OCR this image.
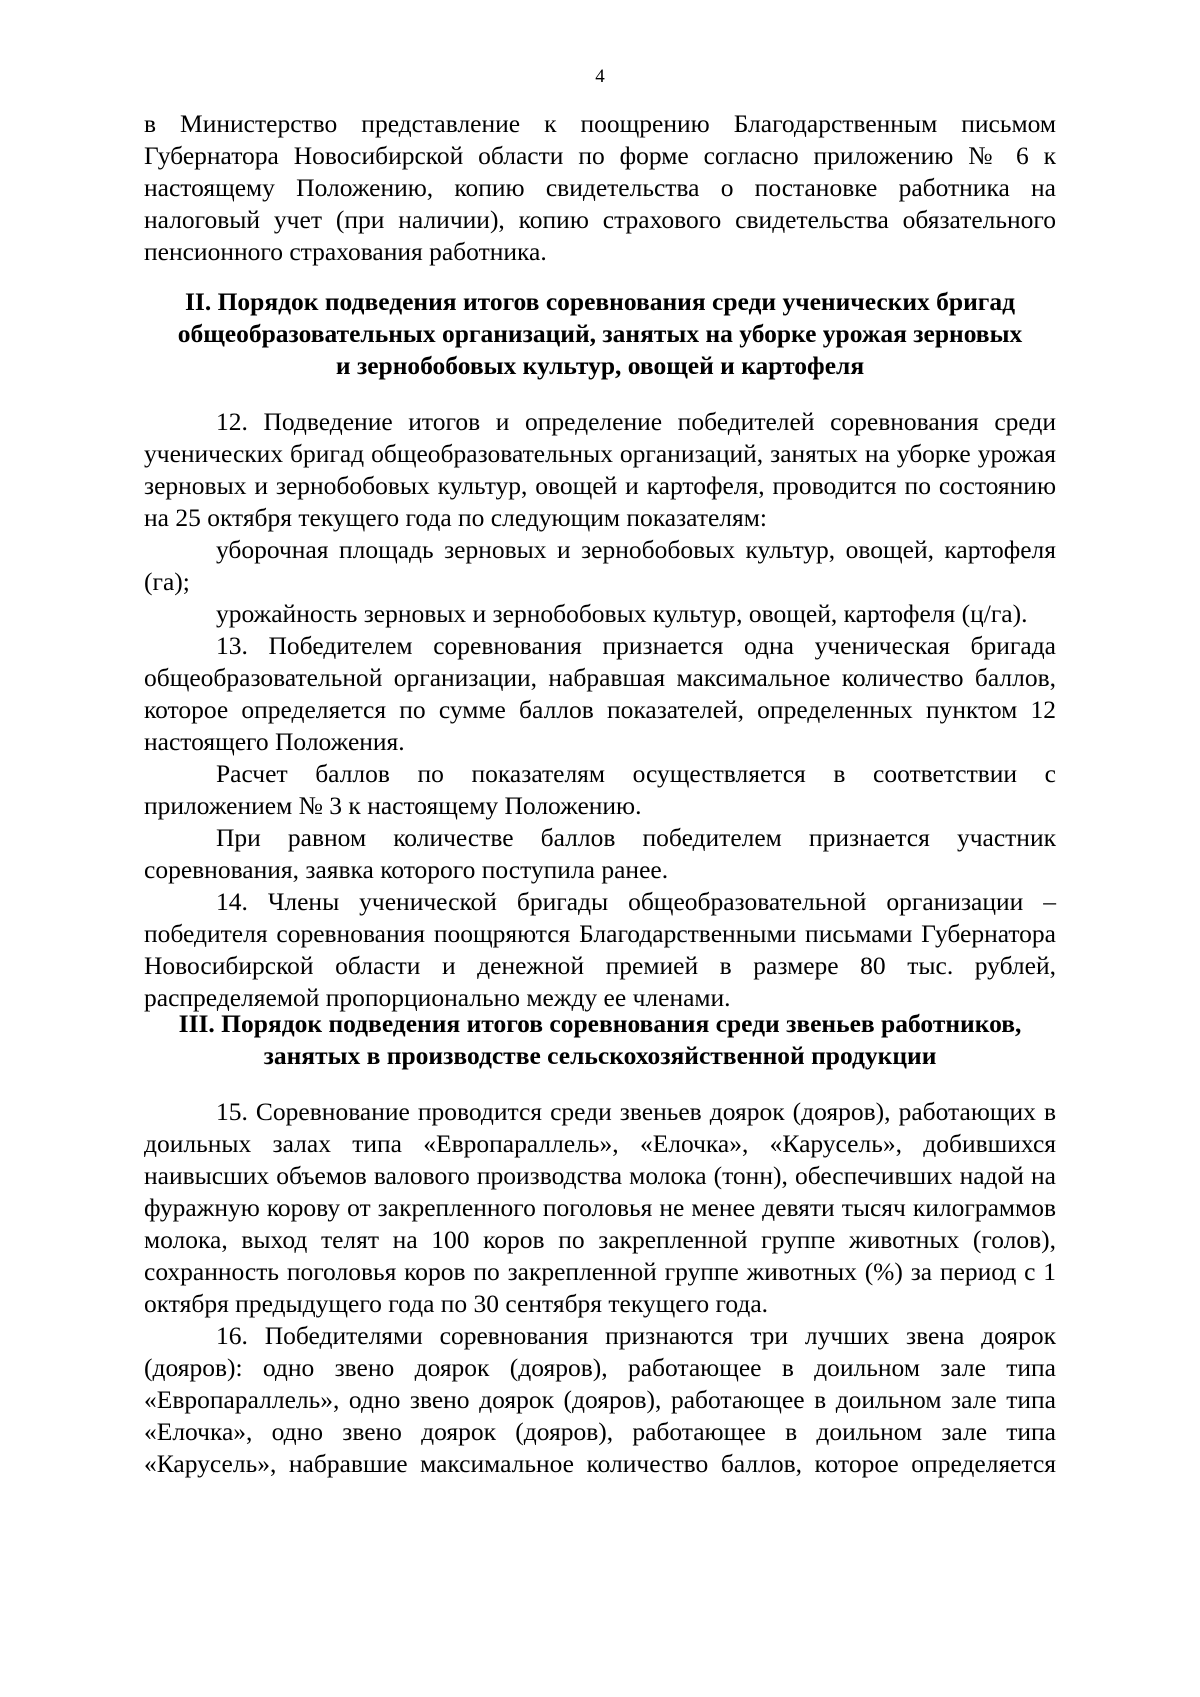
4

в Министерство представление к поощрению Благодарственным письмом Губернатора Новосибирской области по форме согласно приложению № 6 к настоящему Положению, копию свидетельства о постановке работника на налоговый учет (при наличии), копию страхового свидетельства обязательного пенсионного страхования работника.

II. Порядок подведения итогов соревнования среди ученических бригад
общеобразовательных организаций, занятых на уборке урожая зерновых
и зернобобовых культур, овощей и картофеля

12. Подведение итогов и определение победителей соревнования среди ученических бригад общеобразовательных организаций, занятых на уборке урожая зерновых и зернобобовых культур, овощей и картофеля, проводится по состоянию на 25 октября текущего года по следующим показателям:

уборочная площадь зерновых и зернобобовых культур, овощей, картофеля (га);

урожайность зерновых и зернобобовых культур, овощей, картофеля (ц/га).

13. Победителем соревнования признается одна ученическая бригада общеобразовательной организации, набравшая максимальное количество баллов, которое определяется по сумме баллов показателей, определенных пунктом 12 настоящего Положения.

Расчет баллов по показателям осуществляется в соответствии с приложением № 3 к настоящему Положению.

При равном количестве баллов победителем признается участник соревнования, заявка которого поступила ранее.

14. Члены ученической бригады общеобразовательной организации – победителя соревнования поощряются Благодарственными письмами Губернатора Новосибирской области и денежной премией в размере 80 тыс. рублей, распределяемой пропорционально между ее членами.

III. Порядок подведения итогов соревнования среди звеньев работников,
занятых в производстве сельскохозяйственной продукции

15. Соревнование проводится среди звеньев доярок (дояров), работающих в доильных залах типа «Европараллель», «Елочка», «Карусель», добившихся наивысших объемов валового производства молока (тонн), обеспечивших надой на фуражную корову от закрепленного поголовья не менее девяти тысяч килограммов молока, выход телят на 100 коров по закрепленной группе животных (голов), сохранность поголовья коров по закрепленной группе животных (%) за период с 1 октября предыдущего года по 30 сентября текущего года.

16. Победителями соревнования признаются три лучших звена доярок (дояров): одно звено доярок (дояров), работающее в доильном зале типа «Европараллель», одно звено доярок (дояров), работающее в доильном зале типа «Елочка», одно звено доярок (дояров), работающее в доильном зале типа «Карусель», набравшие максимальное количество баллов, которое определяется
